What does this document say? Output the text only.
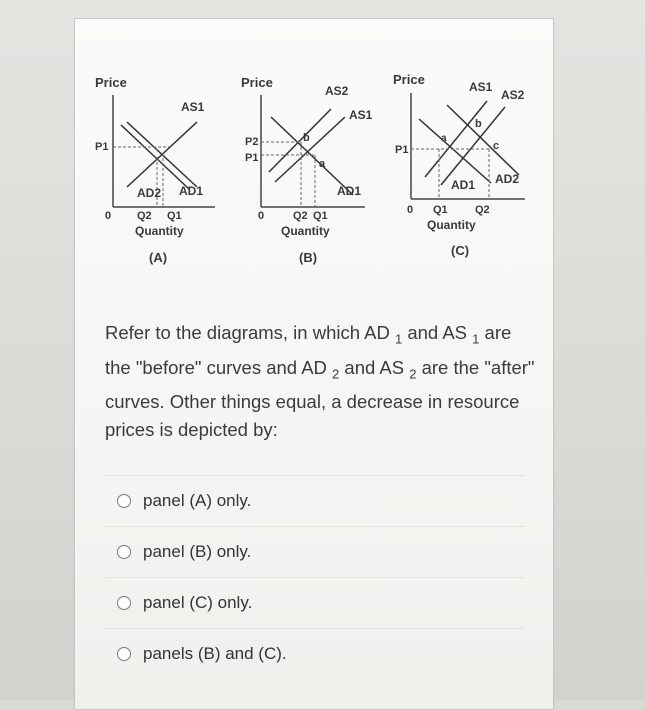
Price
P1
AS1
AD2 AD1
0 Q2 Q1
Quantity
(A)
Price
P2
P1
b
a
AS2
AS1
AD1
0	Q2 Q1
Quantity
(B)
Price
P1
a
b
c
AS1
AS2
AD1 AD2
0 Q1 Q2
Quantity
(C)
Refer to the diagrams, in which AD $_1$ and AS $_1$ are the "before" curves and AD $_2$ and AS $_2$ are the "after" curves. Other things equal, a decrease in resource prices is depicted by:
panel (A) only.
panel (B) only.
panel (C) only.
panels (B) and (C).
